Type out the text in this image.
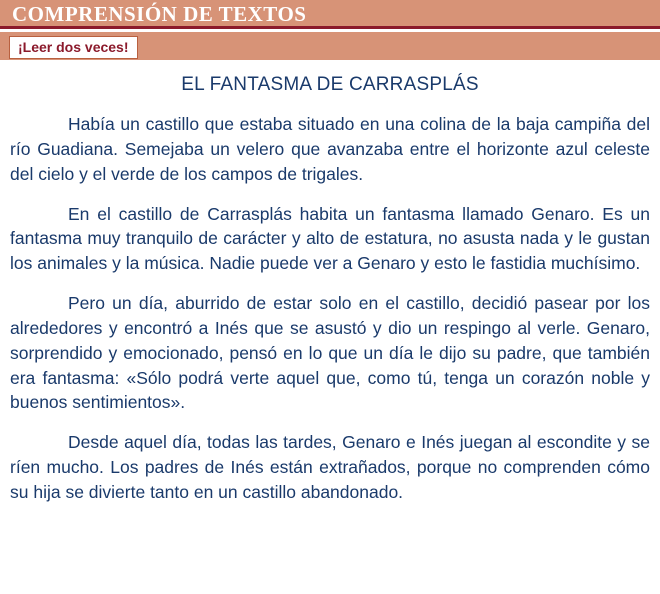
COMPRENSIÓN DE TEXTOS
¡Leer dos veces!
EL FANTASMA DE CARRASPLÁS

Había un castillo que estaba situado en una colina de la baja campiña del río Guadiana. Semejaba un velero que avanzaba entre el horizonte azul celeste del cielo y el verde de los campos de trigales.

En el castillo de Carrasplás habita un fantasma llamado Genaro. Es un fantasma muy tranquilo de carácter y alto de estatura, no asusta nada y le gustan los animales y la música. Nadie puede ver a Genaro y esto le fastidia muchísimo.

Pero un día, aburrido de estar solo en el castillo, decidió pasear por los alrededores y encontró a Inés que se asustó y dio un respingo al verle. Genaro, sorprendido y emocionado, pensó en lo que un día le dijo su padre, que también era fantasma: «Sólo podrá verte aquel que, como tú, tenga un corazón noble y buenos sentimientos».

Desde aquel día, todas las tardes, Genaro e Inés juegan al escondite y se ríen mucho. Los padres de Inés están extrañados, porque no comprenden cómo su hija se divierte tanto en un castillo abandonado.
